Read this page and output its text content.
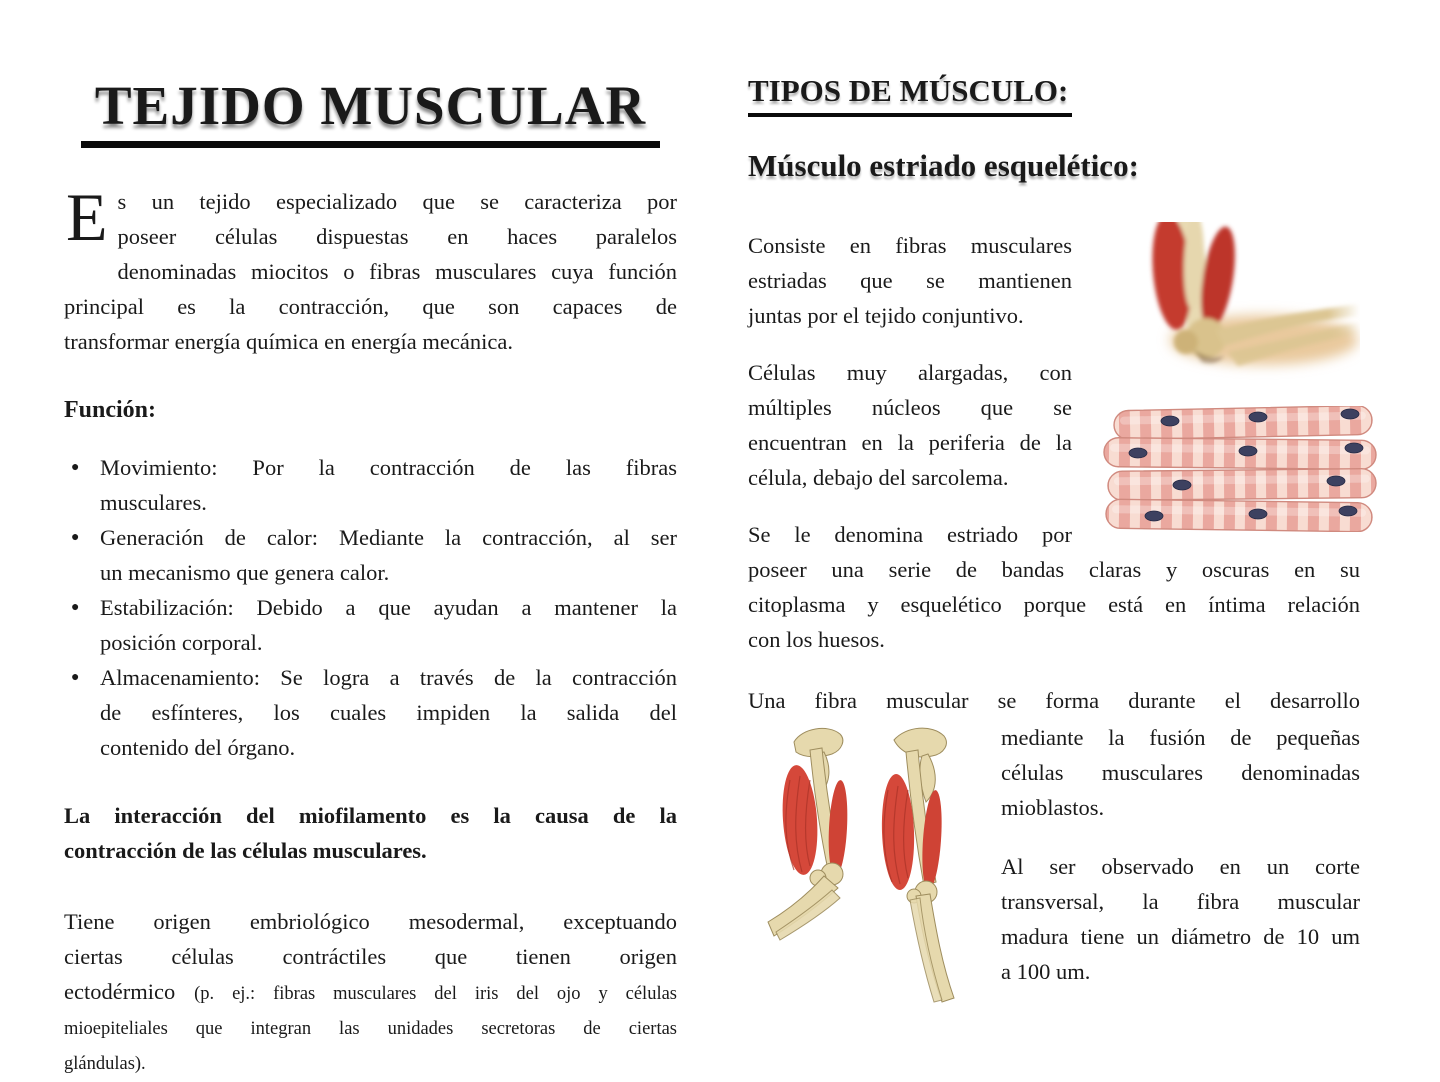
TEJIDO MUSCULAR
E s un tejido especializado que se caracteriza por
poseer células dispuestas en haces paralelos
denominadas miocitos o fibras musculares cuya función
principal es la contracción, que son capaces de
transformar energía química en energía mecánica.
Función:
● Movimiento: Por la contracción de las fibras
musculares.
● Generación de calor: Mediante la contracción, al ser
un mecanismo que genera calor.
● Estabilización: Debido a que ayudan a mantener la
posición corporal.
● Almacenamiento: Se logra a través de la contracción
de esfínteres, los cuales impiden la salida del
contenido del órgano.
La interacción del miofilamento es la causa de la
contracción de las células musculares.
Tiene origen embriológico mesodermal, exceptuando
ciertas células contráctiles que tienen origen
ectodérmico (p. ej.: fibras musculares del iris del ojo y células
mioepiteliales que integran las unidades secretoras de ciertas
glándulas).
TIPOS DE MÚSCULO:
Músculo estriado esquelético:
Consiste en fibras musculares
estriadas que se mantienen
juntas por el tejido conjuntivo.
Células muy alargadas, con
múltiples núcleos que se
encuentran en la periferia de la
célula, debajo del sarcolema.
Se le denomina estriado por
poseer una serie de bandas claras y oscuras en su
citoplasma y esquelético porque está en íntima relación
con los huesos.
Una fibra muscular se forma durante el desarrollo
mediante la fusión de pequeñas
células musculares denominadas
mioblastos.
Al ser observado en un corte
transversal, la fibra muscular
madura tiene un diámetro de 10 um
a 100 um.
